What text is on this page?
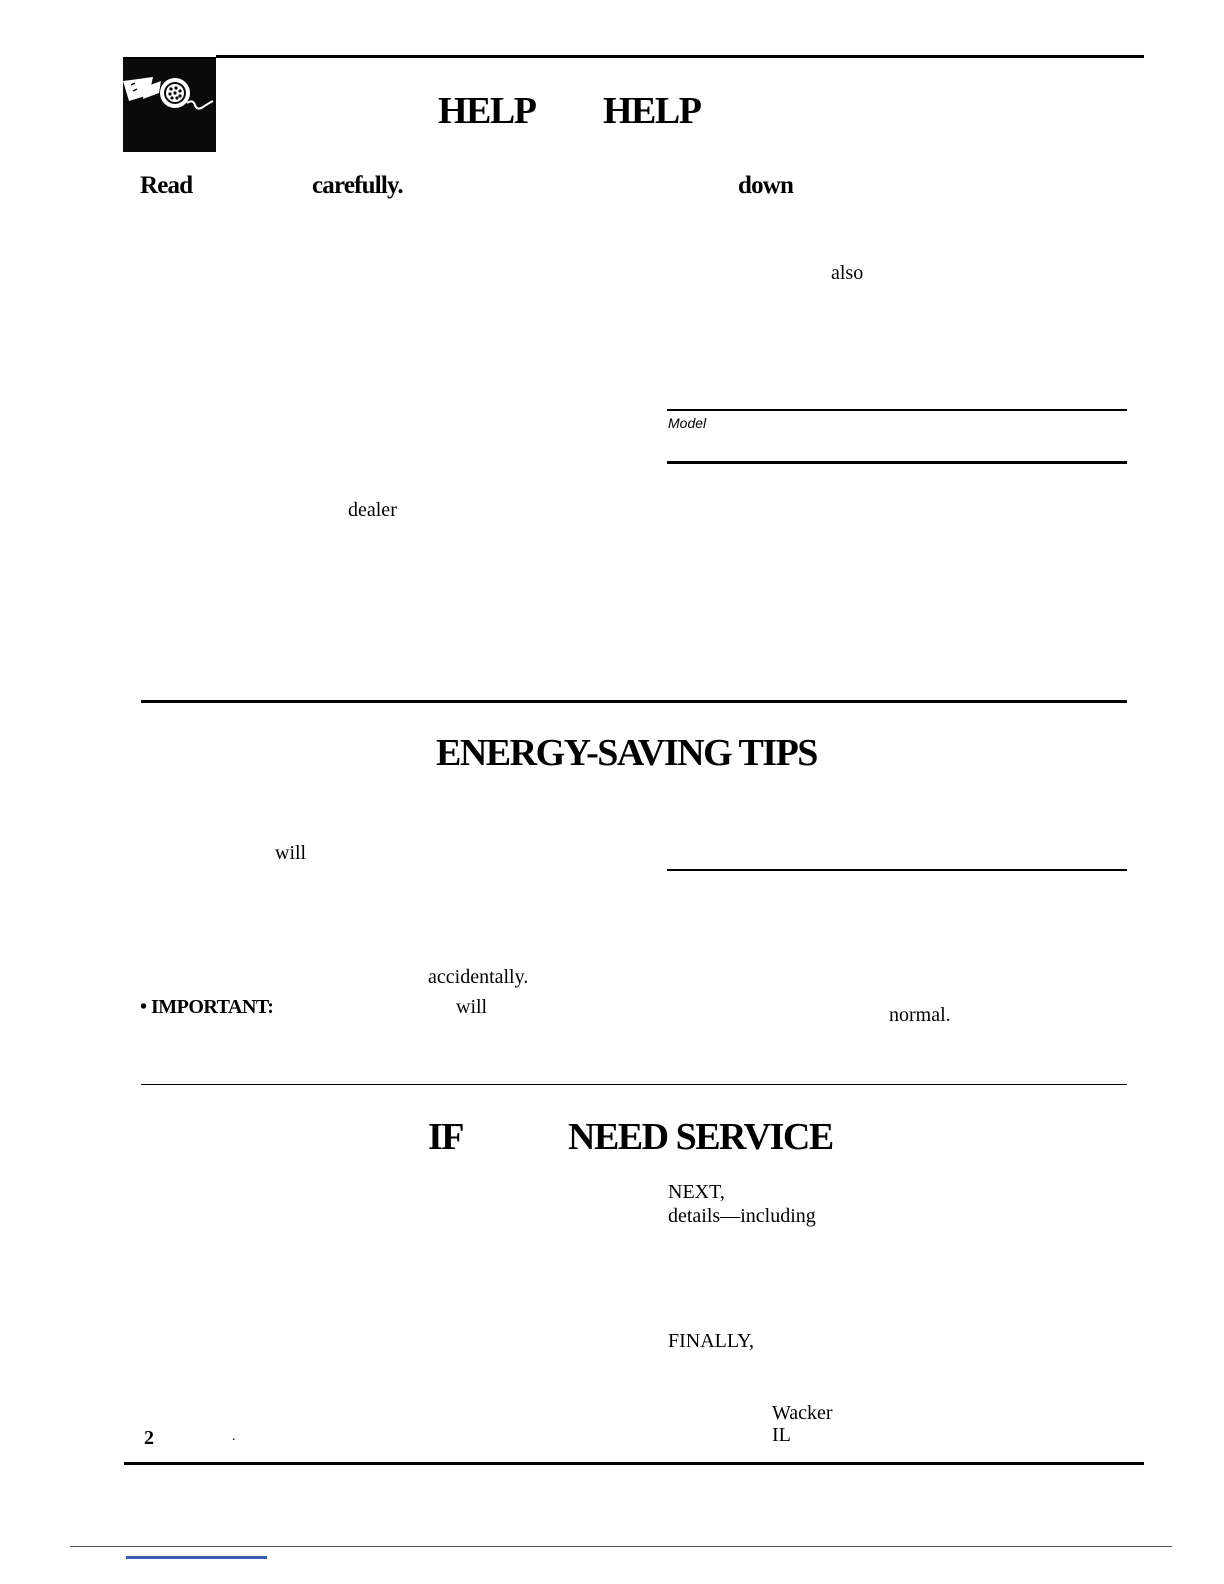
HELP HELP
Read	carefully.	down
also
Model
dealer
ENERGY-SAVING TIPS
will
accidentally.
• IMPORTANT:	will	normal.
IF	NEED SERVICE
NEXT,
details—including
FINALLY,
Wacker
IL
2	.
